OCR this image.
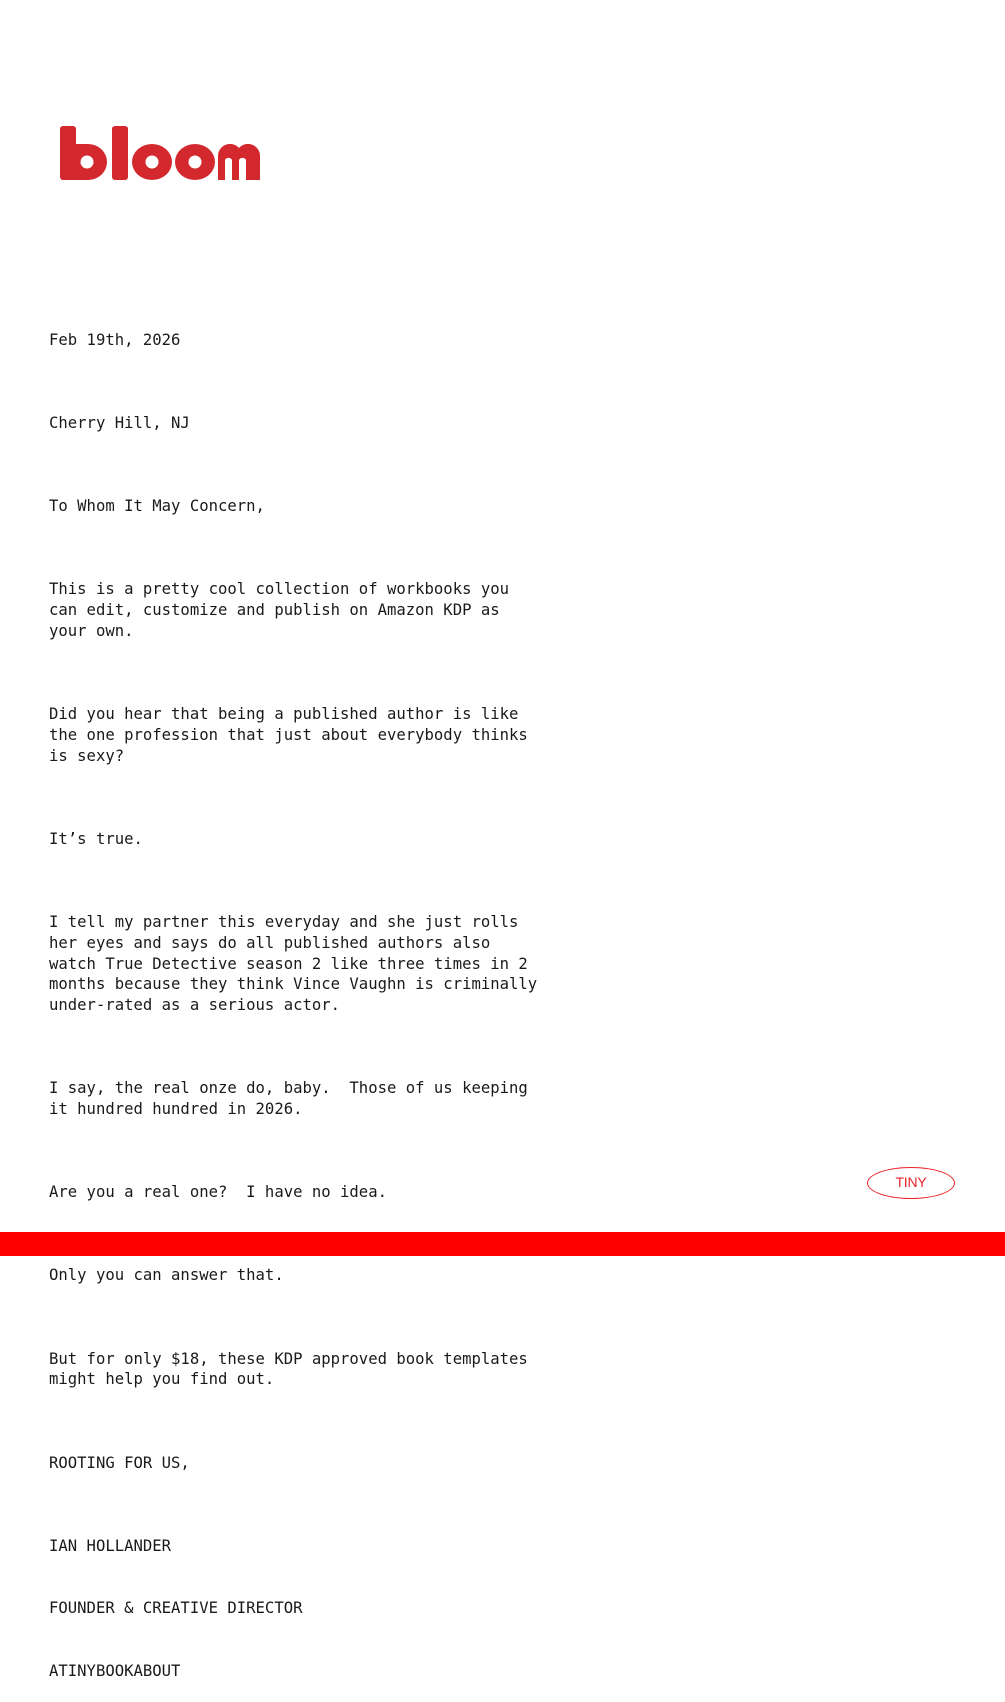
Feb 19th, 2026

Cherry Hill, NJ

To Whom It May Concern,

This is a pretty cool collection of workbooks you
can edit, customize and publish on Amazon KDP as
your own.

Did you hear that being a published author is like
the one profession that just about everybody thinks
is sexy?

It’s true.

I tell my partner this everyday and she just rolls
her eyes and says do all published authors also
watch True Detective season 2 like three times in 2
months because they think Vince Vaughn is criminally
under-rated as a serious actor.

I say, the real onze do, baby.  Those of us keeping
it hundred hundred in 2026.

Are you a real one?  I have no idea.

Only you can answer that.

But for only $18, these KDP approved book templates
might help you find out.

ROOTING FOR US,

IAN HOLLANDER

FOUNDER & CREATIVE DIRECTOR

ATINYBOOKABOUT

TINY
